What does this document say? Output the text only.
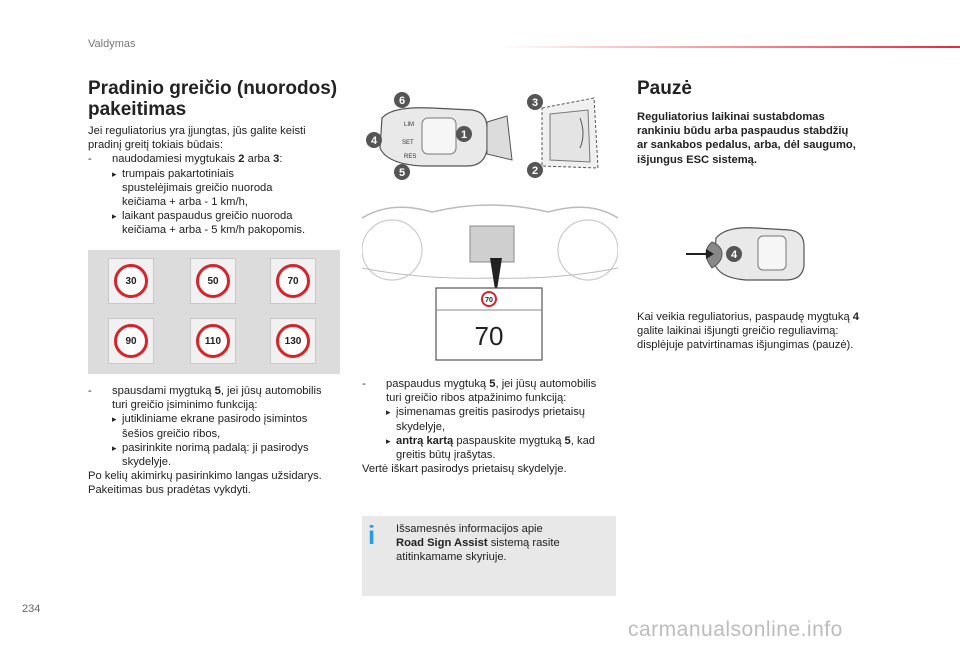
Valdymas
Pradinio greičio (nuorodos) pakeitimas
Jei reguliatorius yra įjungtas, jūs galite keisti
pradinį greitį tokiais būdais:
-	naudodamiesi mygtukais 2 arba 3:
▸ trumpais pakartotiniais
spustelėjimais greičio nuoroda
keičiama + arba - 1 km/h,
▸ laikant paspaudus greičio nuoroda
keičiama + arba - 5 km/h pakopomis.
30	50	70
90	110	130
-	spausdami mygtuką 5, jei jūsų automobilis
turi greičio įsiminimo funkciją:
▸ jutikliniame ekrane pasirodo įsimintos
šešios greičio ribos,
▸ pasirinkite norimą padalą: ji pasirodys
skydelyje.
Po kelių akimirkų pasirinkimo langas užsidarys.
Pakeitimas bus pradėtas vykdyti.
LIM
SET
RES
6
4
5
1
3
2
70
70
-	paspaudus mygtuką 5, jei jūsų automobilis
turi greičio ribos atpažinimo funkciją:
▸ įsimenamas greitis pasirodys prietaisų
skydelyje,
▸ antrą kartą paspauskite mygtuką 5, kad
greitis būtų įrašytas.
Vertė iškart pasirodys prietaisų skydelyje.
i	Išsamesnės informacijos apie
Road Sign Assist sistemą rasite
atitinkamame skyriuje.
Pauzė
Reguliatorius laikinai sustabdomas
rankiniu būdu arba paspaudus stabdžių
ar sankabos pedalus, arba, dėl saugumo,
išjungus ESC sistemą.
4
Kai veikia reguliatorius, paspaudę mygtuką 4
galite laikinai išjungti greičio reguliavimą:
displėjuje patvirtinamas išjungimas (pauzė).
234
carmanualsonline.info
